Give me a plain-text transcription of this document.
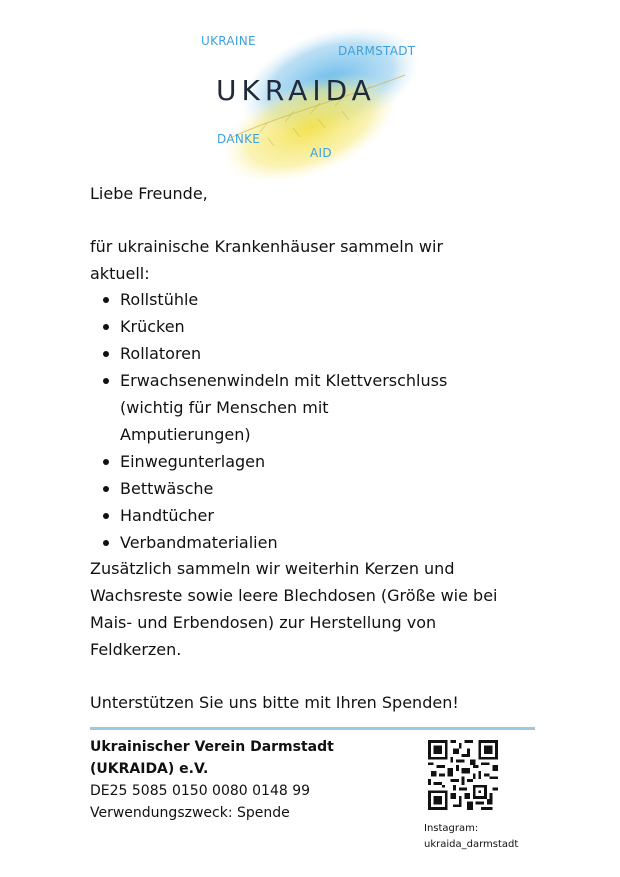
UKRAINE
DARMSTADT
UKRAIDA
DANKE
AID
Liebe Freunde,
für ukrainische Krankenhäuser sammeln wir aktuell:
Rollstühle
Krücken
Rollatoren
Erwachsenenwindeln mit Klettverschluss (wichtig für Menschen mit Amputierungen)
Einwegunterlagen
Bettwäsche
Handtücher
Verbandmaterialien
Zusätzlich sammeln wir weiterhin Kerzen und Wachsreste sowie leere Blechdosen (Größe wie bei Mais- und Erbendosen) zur Herstellung von Feldkerzen.
Unterstützen Sie uns bitte mit Ihren Spenden!
Ukrainischer Verein Darmstadt
(UKRAIDA) e.V.
DE25 5085 0150 0080 0148 99
Verwendungszweck: Spende
Instagram:
ukraida_darmstadt
